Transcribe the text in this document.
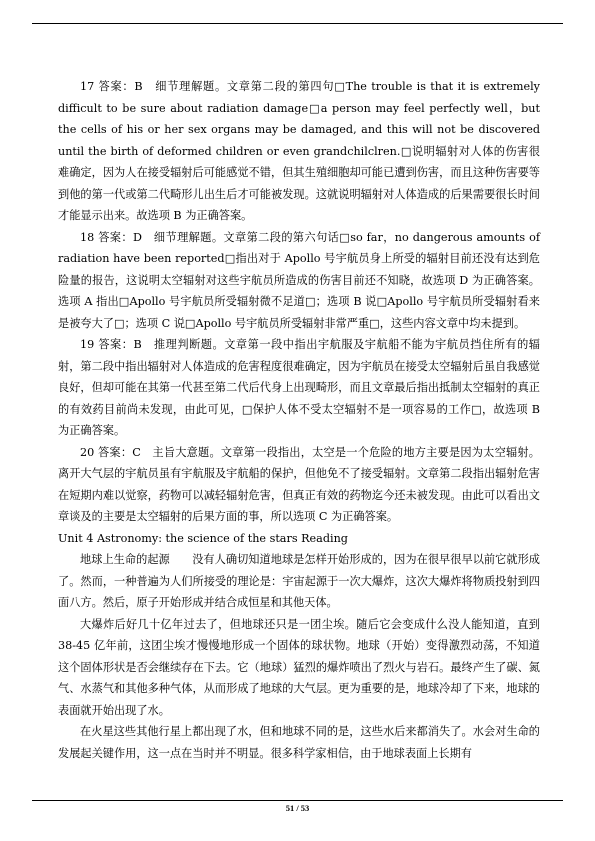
17 答案：B　细节理解题。文章第二段的第四句□The trouble is that it is extremely difficult to be sure about radiation damage□a person may feel perfectly well，but the cells of his or her sex organs may be damaged, and this will not be discovered until the birth of deformed children or even grandchilclren.□说明辐射对人体的伤害很难确定，因为人在接受辐射后可能感觉不错，但其生殖细胞却可能已遭到伤害，而且这种伤害要等到他的第一代或第二代畸形儿出生后才可能被发现。这就说明辐射对人体造成的后果需要很长时间才能显示出来。故选项 B 为正确答案。

18 答案：D　细节理解题。文章第二段的第六句话□so far，no dangerous amounts of radiation have been reported□指出对于 Apollo 号宇航员身上所受的辐射目前还没有达到危险量的报告，这说明太空辐射对这些宇航员所造成的伤害目前还不知晓，故选项 D 为正确答案。选项 A 指出□Apollo 号宇航员所受辐射微不足道□；选项 B 说□Apollo 号宇航员所受辐射看来是被夸大了□；选项 C 说□Apollo 号宇航员所受辐射非常严重□，这些内容文章中均未提到。

19 答案：B　推理判断题。文章第一段中指出宇航服及宇航船不能为宇航员挡住所有的辐射，第二段中指出辐射对人体造成的危害程度很难确定，因为宇航员在接受太空辐射后虽自我感觉良好，但却可能在其第一代甚至第二代后代身上出现畸形，而且文章最后指出抵制太空辐射的真正的有效药目前尚未发现，由此可见，□保护人体不受太空辐射不是一项容易的工作□，故选项 B 为正确答案。

20 答案：C　主旨大意题。文章第一段指出，太空是一个危险的地方主要是因为太空辐射。离开大气层的宇航员虽有宇航服及宇航船的保护，但他免不了接受辐射。文章第二段指出辐射危害在短期内难以觉察，药物可以减轻辐射危害，但真正有效的药物迄今还未被发现。由此可以看出文章谈及的主要是太空辐射的后果方面的事，所以选项 C 为正确答案。

Unit 4 Astronomy: the science of the stars Reading

地球上生命的起源　　没有人确切知道地球是怎样开始形成的，因为在很早很早以前它就形成了。然而，一种普遍为人们所接受的理论是：宇宙起源于一次大爆炸，这次大爆炸将物质投射到四面八方。然后，原子开始形成并结合成恒星和其他天体。

大爆炸后好几十亿年过去了，但地球还只是一团尘埃。随后它会变成什么没人能知道，直到 38-45 亿年前，这团尘埃才慢慢地形成一个固体的球状物。地球（开始）变得激烈动荡，不知道这个固体形状是否会继续存在下去。它（地球）猛烈的爆炸喷出了烈火与岩石。最终产生了碳、氮气、水蒸气和其他多种气体，从而形成了地球的大气层。更为重要的是，地球冷却了下来，地球的表面就开始出现了水。

在火星这些其他行星上都出现了水，但和地球不同的是，这些水后来都消失了。水会对生命的发展起关键作用，这一点在当时并不明显。很多科学家相信，由于地球表面上长期有

51 / 53
